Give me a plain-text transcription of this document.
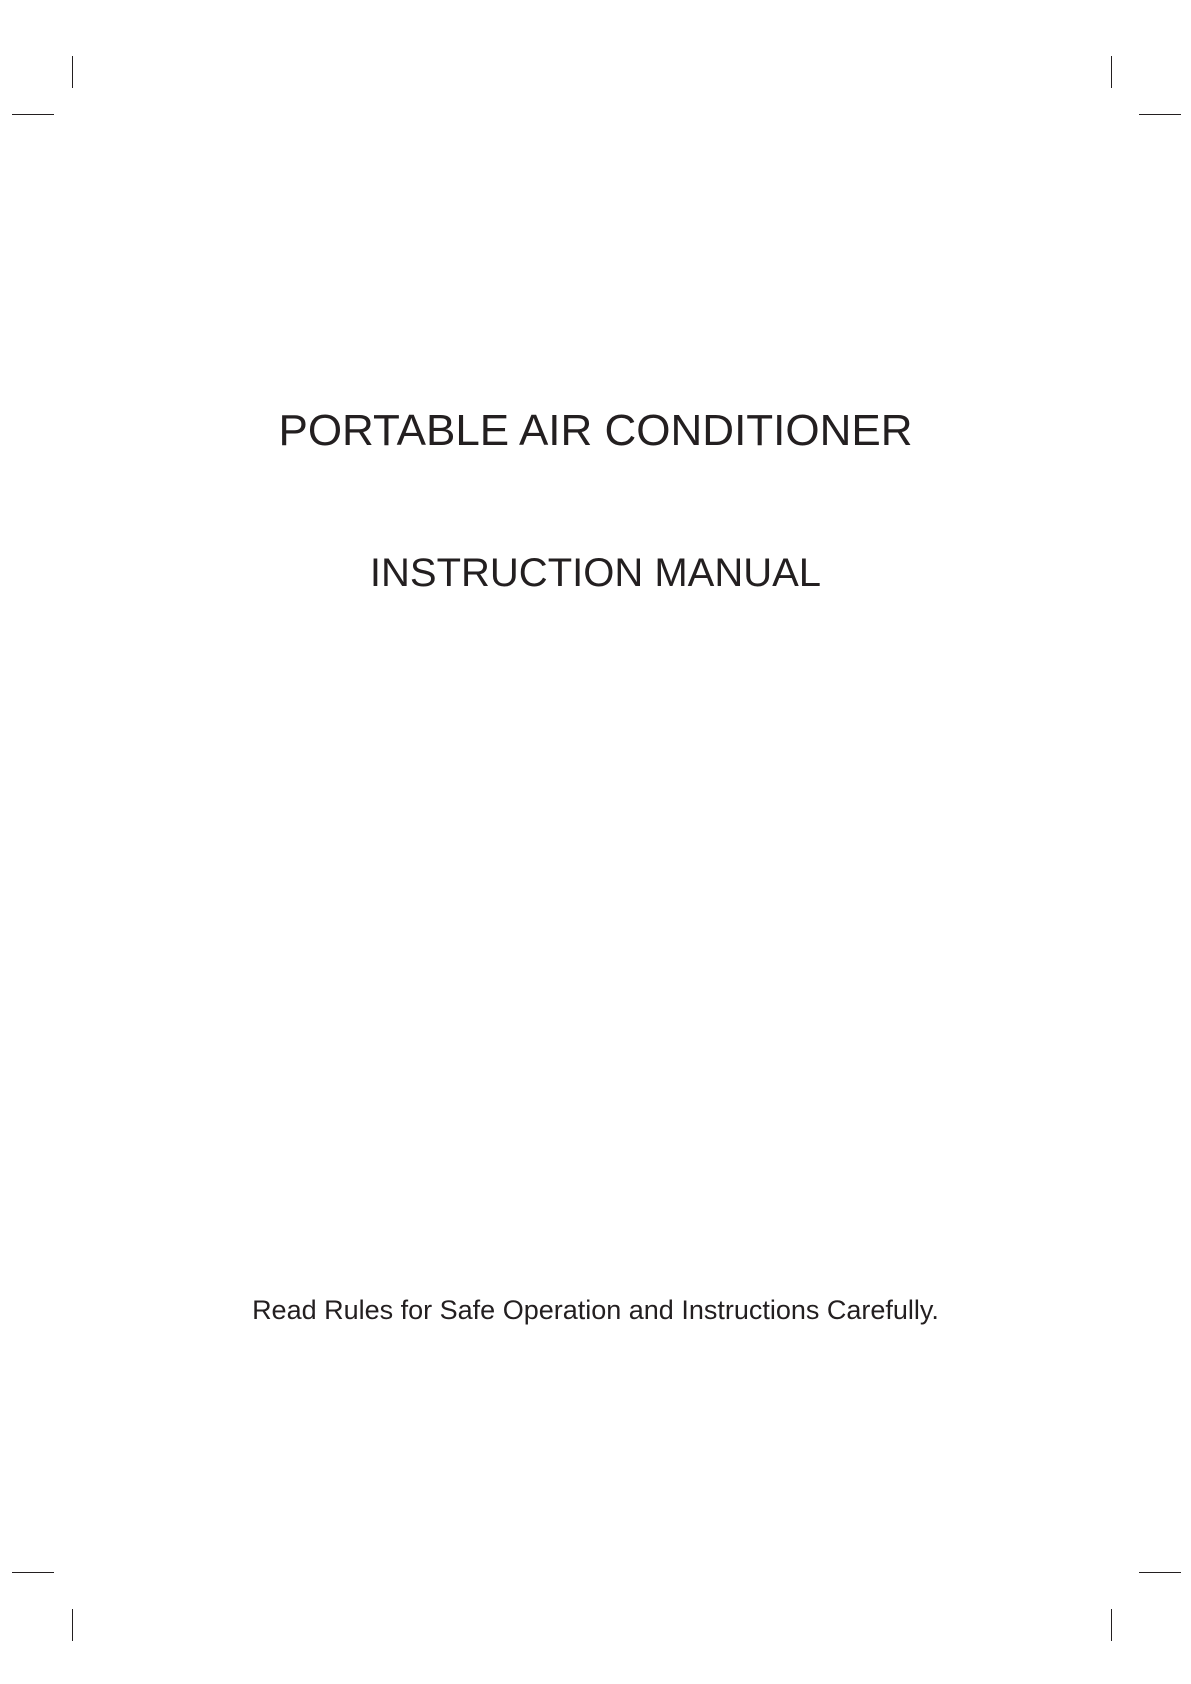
PORTABLE AIR CONDITIONER
INSTRUCTION MANUAL

Read Rules for Safe Operation and Instructions Carefully.
